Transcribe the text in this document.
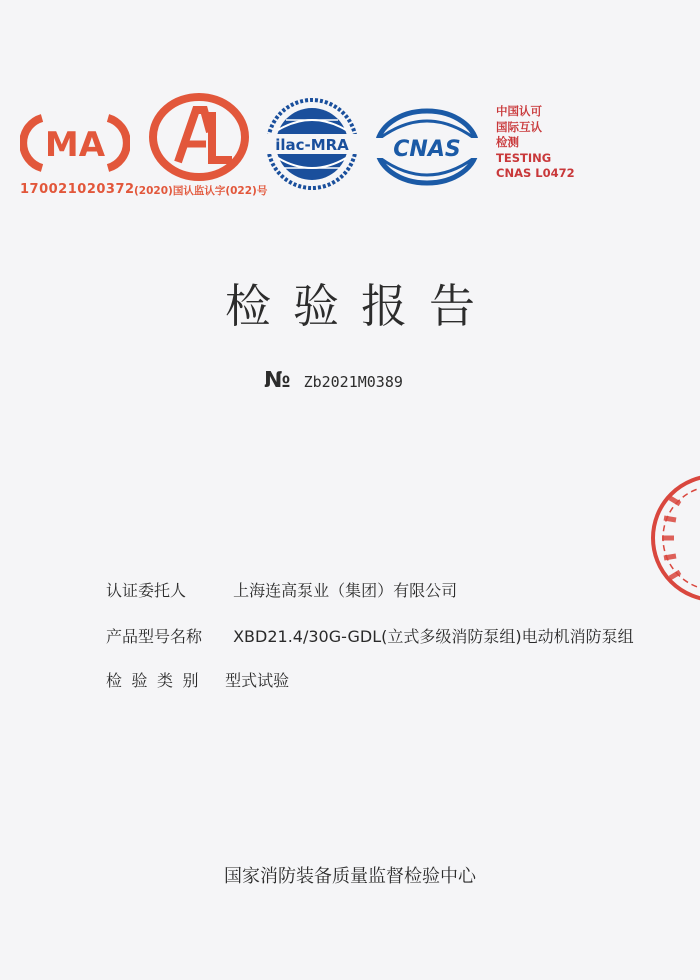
MA
170021020372 (2020)国认监认字(022)号
ilac-MRA CNAS
中国认可
国际互认
检测
TESTING
CNAS L0472
检验报告
№ Zb2021M0389
认证委托人	上海连高泵业（集团）有限公司
产品型号名称 XBD21.4/30G-GDL(立式多级消防泵组)电动机消防泵组
检验类别 型式试验
国家消防装备质量监督检验中心
